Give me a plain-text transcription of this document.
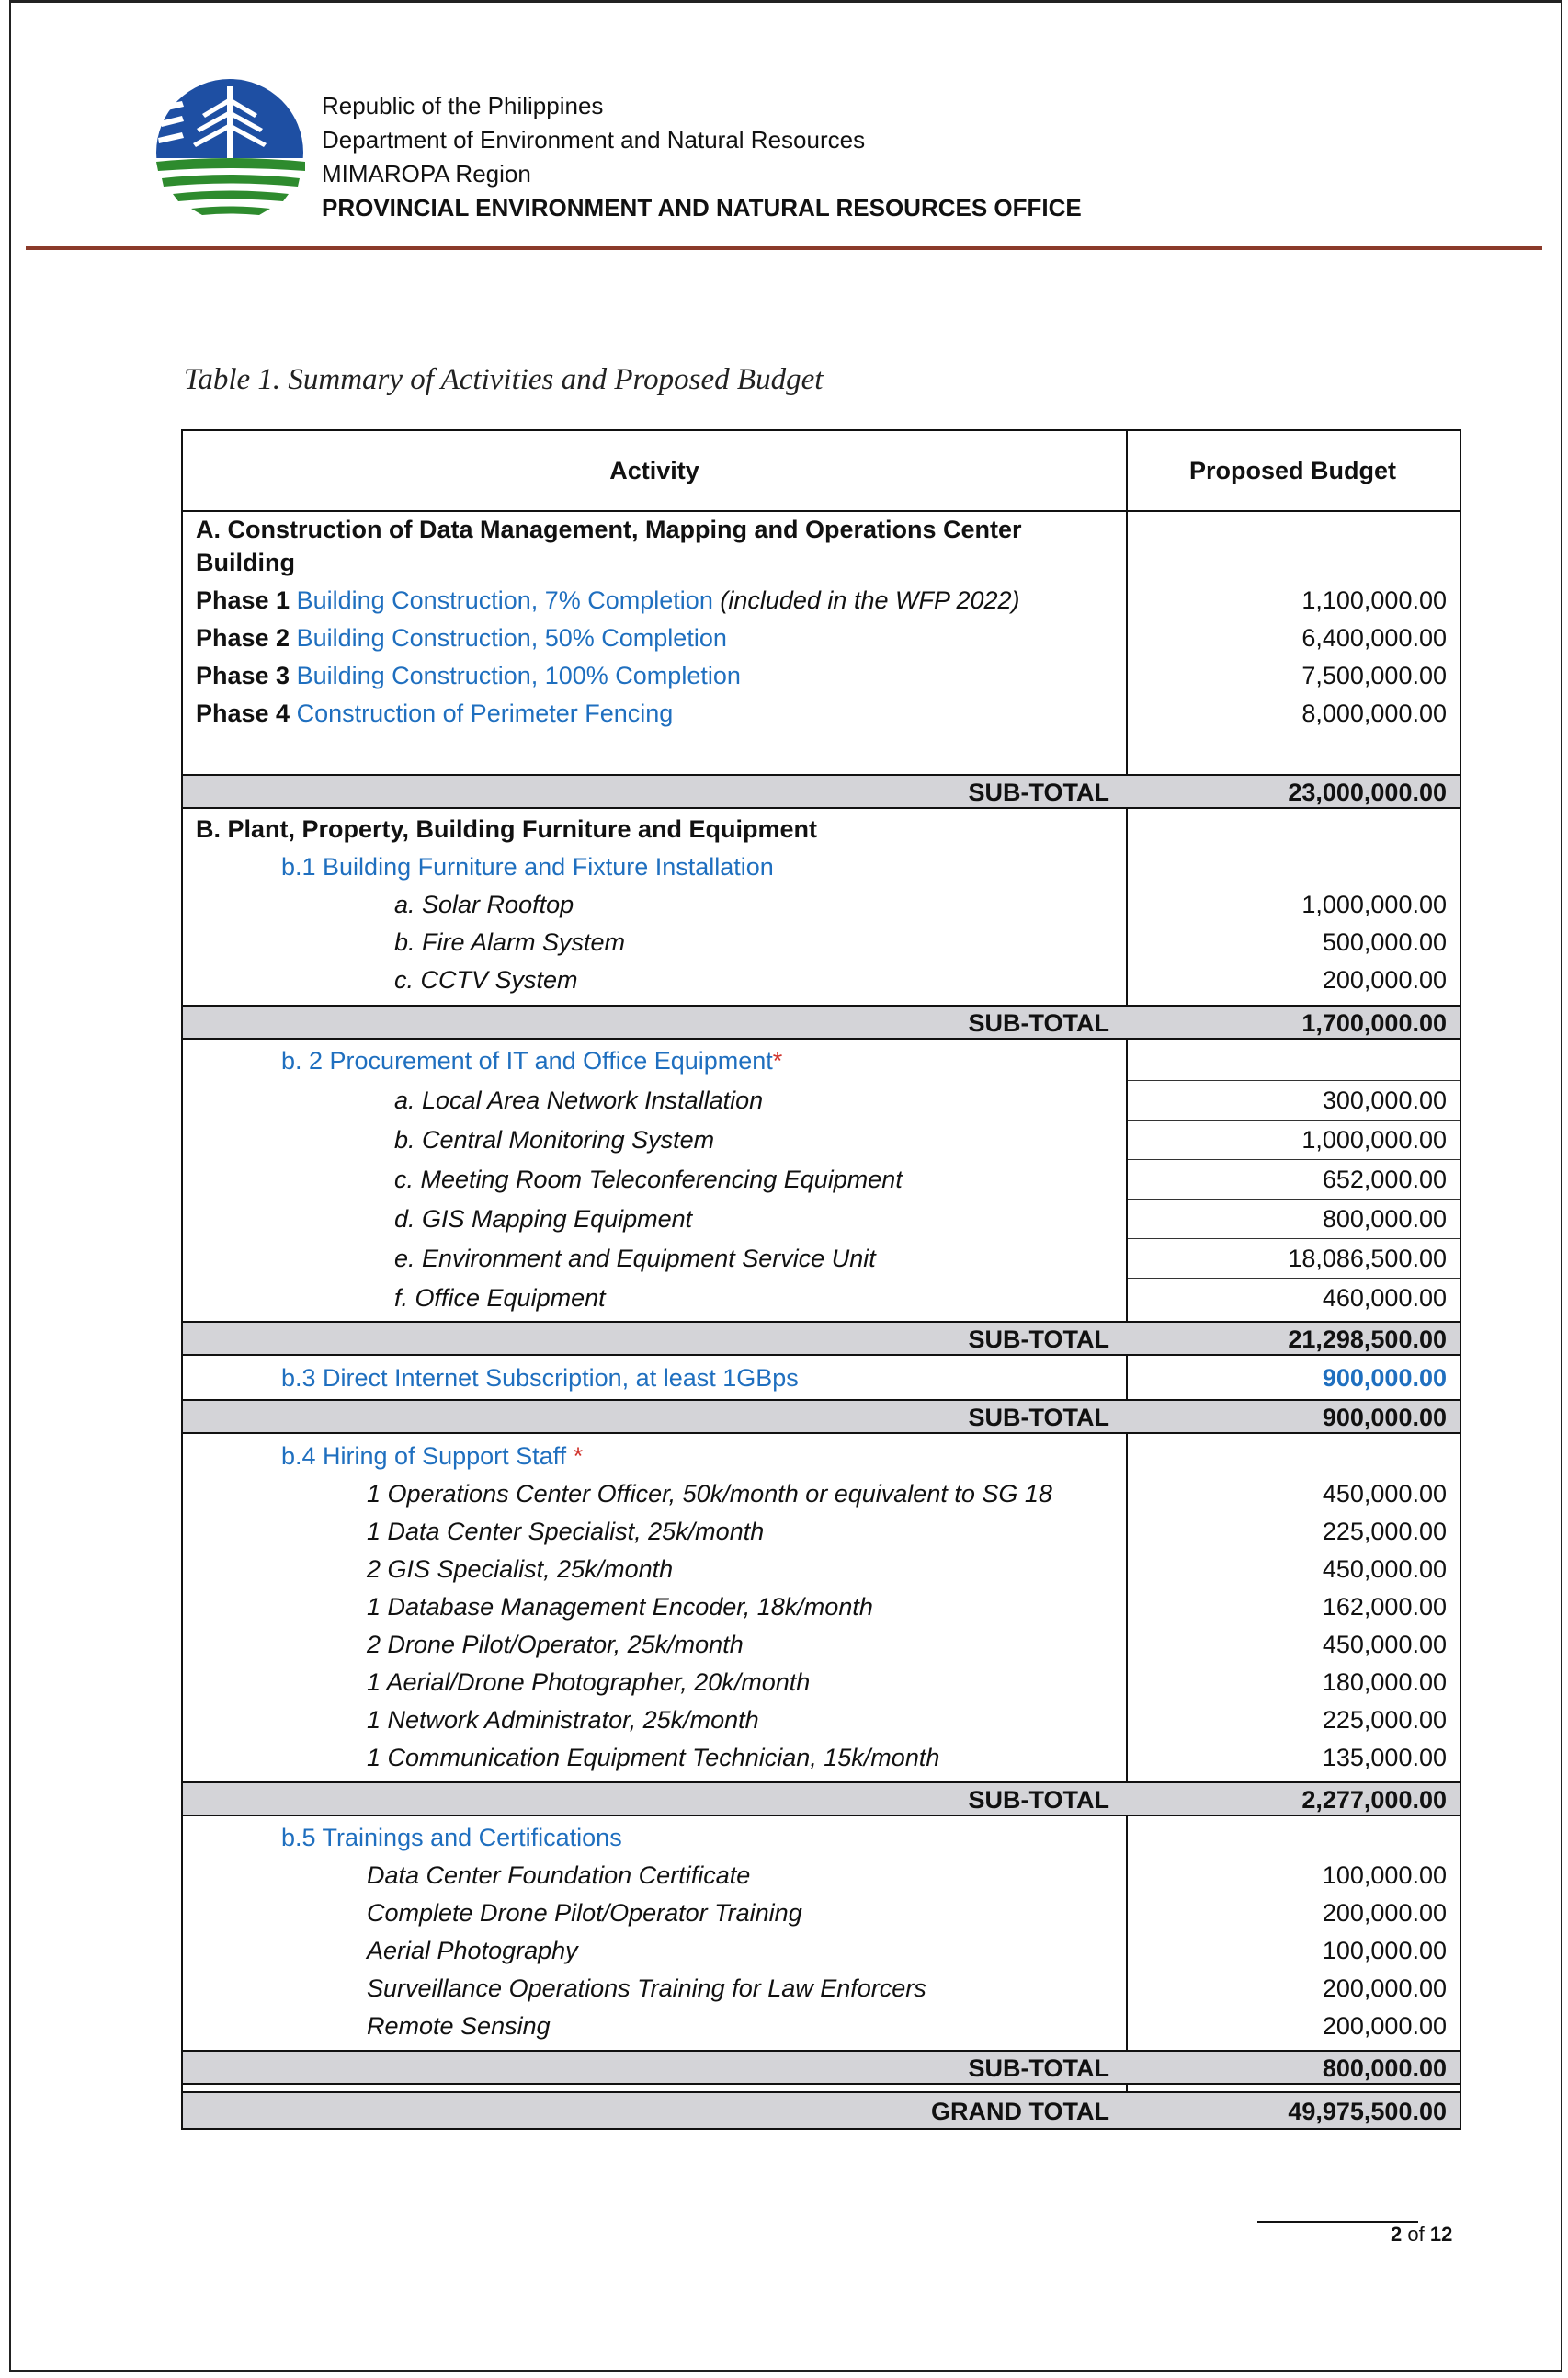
Republic of the Philippines
Department of Environment and Natural Resources
MIMAROPA Region
PROVINCIAL ENVIRONMENT AND NATURAL RESOURCES OFFICE
Table 1. Summary of Activities and Proposed Budget
Activity	Proposed Budget
A. Construction of Data Management, Mapping and Operations Center
Building
Phase 1 Building Construction, 7% Completion (included in the WFP 2022)	1,100,000.00
Phase 2 Building Construction, 50% Completion	6,400,000.00
Phase 3 Building Construction, 100% Completion	7,500,000.00
Phase 4 Construction of Perimeter Fencing	8,000,000.00
SUB-TOTAL	23,000,000.00
B. Plant, Property, Building Furniture and Equipment
b.1 Building Furniture and Fixture Installation
a. Solar Rooftop	1,000,000.00
b. Fire Alarm System	500,000.00
c. CCTV System	200,000.00
SUB-TOTAL	1,700,000.00
b. 2 Procurement of IT and Office Equipment*
a. Local Area Network Installation	300,000.00
b. Central Monitoring System	1,000,000.00
c. Meeting Room Teleconferencing Equipment	652,000.00
d. GIS Mapping Equipment	800,000.00
e. Environment and Equipment Service Unit	18,086,500.00
f. Office Equipment	460,000.00
SUB-TOTAL	21,298,500.00
b.3 Direct Internet Subscription, at least 1GBps	900,000.00
SUB-TOTAL	900,000.00
b.4 Hiring of Support Staff *
1 Operations Center Officer, 50k/month or equivalent to SG 18	450,000.00
1 Data Center Specialist, 25k/month	225,000.00
2 GIS Specialist, 25k/month	450,000.00
1 Database Management Encoder, 18k/month	162,000.00
2 Drone Pilot/Operator, 25k/month	450,000.00
1 Aerial/Drone Photographer, 20k/month	180,000.00
1 Network Administrator, 25k/month	225,000.00
1 Communication Equipment Technician, 15k/month	135,000.00
SUB-TOTAL	2,277,000.00
b.5 Trainings and Certifications
Data Center Foundation Certificate	100,000.00
Complete Drone Pilot/Operator Training	200,000.00
Aerial Photography	100,000.00
Surveillance Operations Training for Law Enforcers	200,000.00
Remote Sensing	200,000.00
SUB-TOTAL	800,000.00
GRAND TOTAL	49,975,500.00
2 of 12
